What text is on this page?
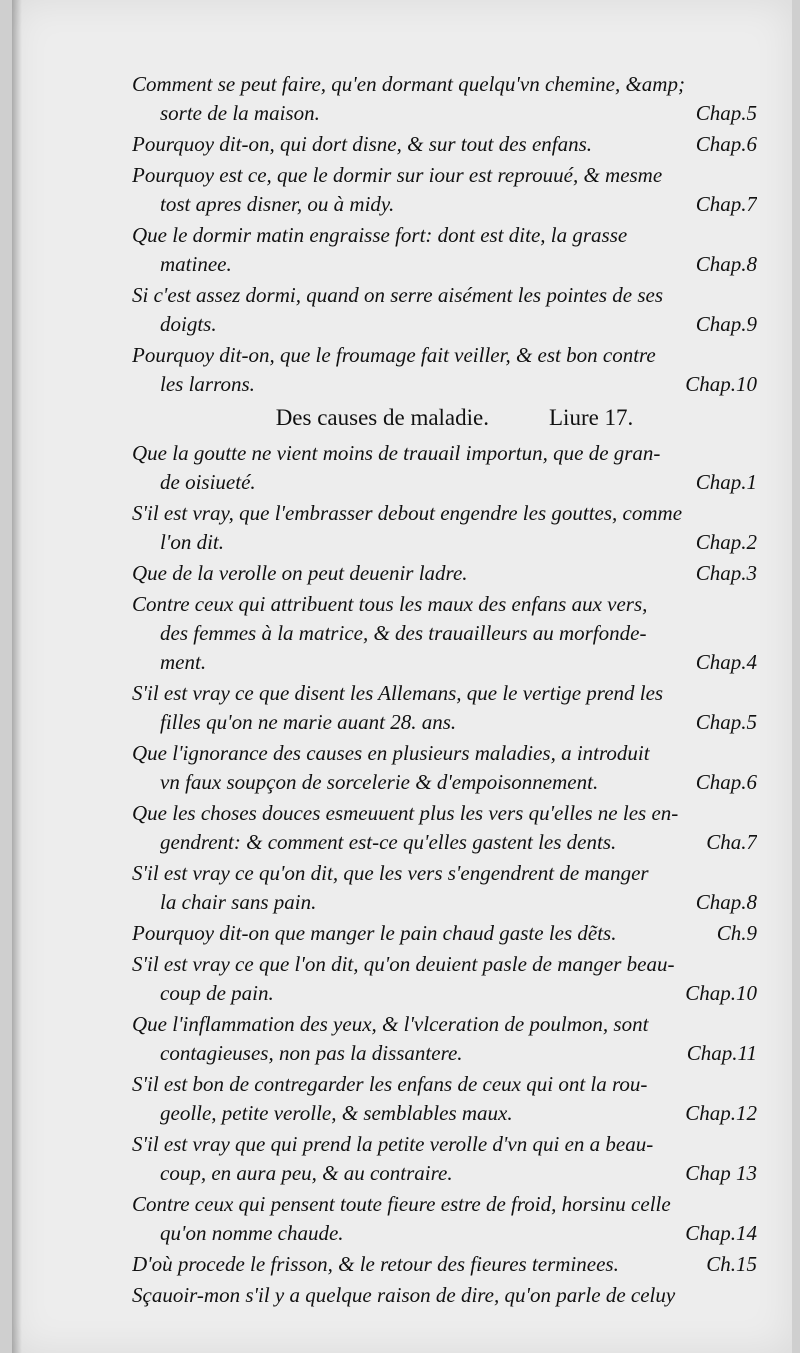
Comment se peut faire, qu'en dormant quelqu'vn chemine, &amp;
sorte de la maison.	Chap.5
Pourquoy dit-on, qui dort disne, & sur tout des enfans.	Chap.6
Pourquoy est ce, que le dormir sur iour est reprouué, & mesme
tost apres disner, ou à midy.	Chap.7
Que le dormir matin engraisse fort: dont est dite, la grasse
matinee.	Chap.8
Si c'est assez dormi, quand on serre aisément les pointes de ses
doigts.	Chap.9
Pourquoy dit-on, que le froumage fait veiller, & est bon contre
les larrons.	Chap.10
Des causes de maladie.	Liure 17.
Que la goutte ne vient moins de trauail importun, que de gran-
de oisiueté.	Chap.1
S'il est vray, que l'embrasser debout engendre les gouttes, comme
l'on dit.	Chap.2
Que de la verolle on peut deuenir ladre.	Chap.3
Contre ceux qui attribuent tous les maux des enfans aux vers,
des femmes à la matrice, & des trauailleurs au morfonde-
ment.	Chap.4
S'il est vray ce que disent les Allemans, que le vertige prend les
filles qu'on ne marie auant 28. ans.	Chap.5
Que l'ignorance des causes en plusieurs maladies, a introduit
vn faux soupçon de sorcelerie & d'empoisonnement.	Chap.6
Que les choses douces esmeuuent plus les vers qu'elles ne les en-
gendrent: & comment est-ce qu'elles gastent les dents.	Cha.7
S'il est vray ce qu'on dit, que les vers s'engendrent de manger
la chair sans pain.	Chap.8
Pourquoy dit-on que manger le pain chaud gaste les dẽts.	Ch.9
S'il est vray ce que l'on dit, qu'on deuient pasle de manger beau-
coup de pain.	Chap.10
Que l'inflammation des yeux, & l'vlceration de poulmon, sont
contagieuses, non pas la dissantere.	Chap.11
S'il est bon de contregarder les enfans de ceux qui ont la rou-
geolle, petite verolle, & semblables maux.	Chap.12
S'il est vray que qui prend la petite verolle d'vn qui en a beau-
coup, en aura peu, & au contraire.	Chap 13
Contre ceux qui pensent toute fieure estre de froid, horsinu celle
qu'on nomme chaude.	Chap.14
D'où procede le frisson, & le retour des fieures terminees.	Ch.15
Sçauoir-mon s'il y a quelque raison de dire, qu'on parle de celuy
